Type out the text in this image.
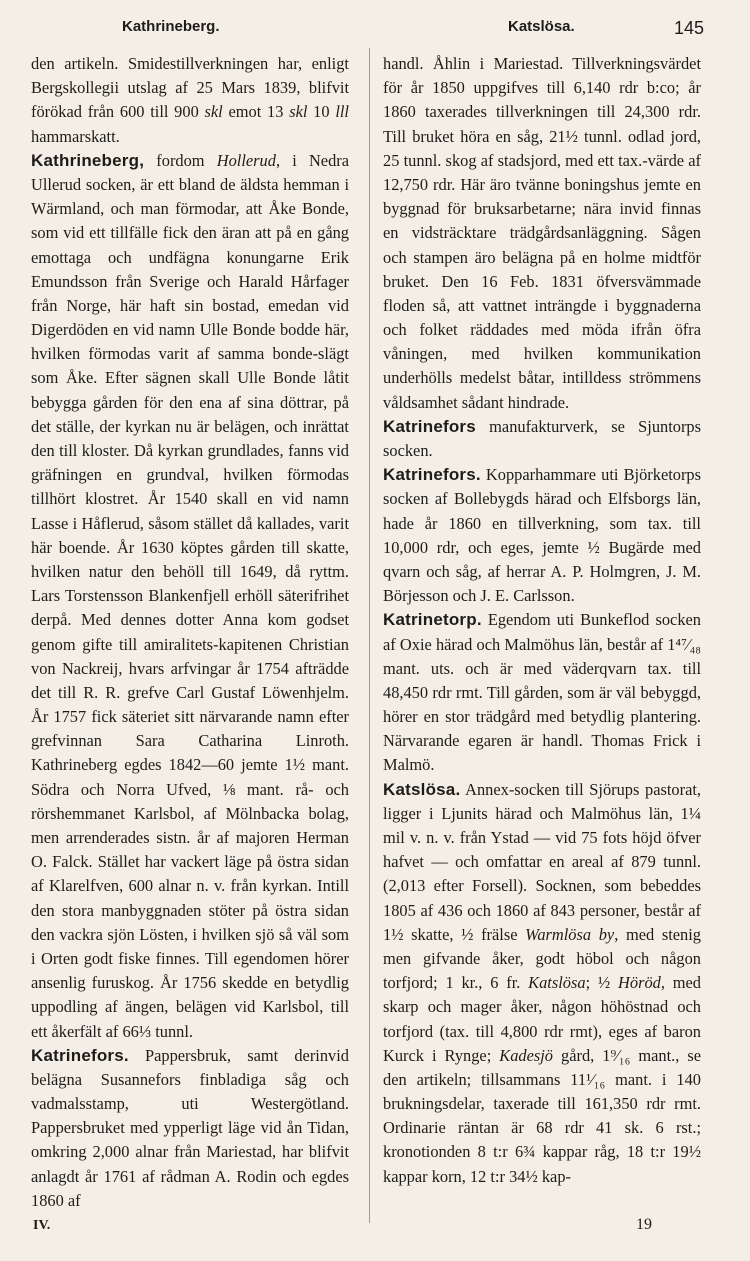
Kathrineberg.	Katslösa.	145

den artikeln. Smidestillverkningen har, enligt Bergskollegii utslag af 25 Mars 1839, blifvit förökad från 600 till 900 skl emot 13 skl 10 lll hammarskatt.

Kathrineberg, fordom Hollerud, i Nedra Ullerud socken, är ett bland de äldsta hemman i Wärmland, och man förmodar, att Åke Bonde, som vid ett tillfälle fick den äran att på en gång emottaga och undfägna konungarne Erik Emundsson från Sverige och Harald Hårfager från Norge, här haft sin bostad, emedan vid Digerdöden en vid namn Ulle Bonde bodde här, hvilken förmodas varit af samma bonde-slägt som Åke. Efter sägnen skall Ulle Bonde låtit bebygga gården för den ena af sina döttrar, på det ställe, der kyrkan nu är belägen, och inrättat den till kloster. Då kyrkan grundlades, fanns vid gräfningen en grundval, hvilken förmodas tillhört klostret. År 1540 skall en vid namn Lasse i Håflerud, såsom stället då kallades, varit här boende. År 1630 köptes gården till skatte, hvilken natur den behöll till 1649, då ryttm. Lars Torstensson Blankenfjell erhöll säterifrihet derpå. Med dennes dotter Anna kom godset genom gifte till amiralitets-kapitenen Christian von Nackreij, hvars arfvingar år 1754 afträdde det till R. R. grefve Carl Gustaf Löwenhjelm. År 1757 fick säteriet sitt närvarande namn efter grefvinnan Sara Catharina Linroth. Kathrineberg egdes 1842—60 jemte 1½ mant. Södra och Norra Ufved, ⅛ mant. rå- och rörshemmanet Karlsbol, af Mölnbacka bolag, men arrenderades sistn. år af majoren Herman O. Falck. Stället har vackert läge på östra sidan af Klarelfven, 600 alnar n. v. från kyrkan. Intill den stora manbyggnaden stöter på östra sidan den vackra sjön Lösten, i hvilken sjö så väl som i Orten godt fiske finnes. Till egendomen hörer ansenlig furuskog. År 1756 skedde en betydlig uppodling af ängen, belägen vid Karlsbol, till ett åkerfält af 66⅓ tunnl.

Katrinefors. Pappersbruk, samt derinvid belägna Susannefors finbladiga såg och vadmalsstamp, uti Westergötland. Pappersbruket med ypperligt läge vid ån Tidan, omkring 2,000 alnar från Mariestad, har blifvit anlagdt år 1761 af rådman A. Rodin och egdes 1860 af

handl. Åhlin i Mariestad. Tillverkningsvärdet för år 1850 uppgifves till 6,140 rdr b:co; år 1860 taxerades tillverkningen till 24,300 rdr. Till bruket höra en såg, 21½ tunnl. odlad jord, 25 tunnl. skog af stadsjord, med ett tax.-värde af 12,750 rdr. Här äro tvänne boningshus jemte en byggnad för bruksarbetarne; nära invid finnas en vidsträcktare trädgårdsanläggning. Sågen och stampen äro belägna på en holme midtför bruket. Den 16 Feb. 1831 öfversvämmade floden så, att vattnet inträngde i byggnaderna och folket räddades med möda ifrån öfra våningen, med hvilken kommunikation underhölls medelst båtar, intilldess strömmens våldsamhet sådant hindrade.

Katrinefors manufakturverk, se Sjuntorps socken.

Katrinefors. Kopparhammare uti Björketorps socken af Bollebygds härad och Elfsborgs län, hade år 1860 en tillverkning, som tax. till 10,000 rdr, och eges, jemte ½ Bugärde med qvarn och såg, af herrar A. P. Holmgren, J. M. Börjesson och J. E. Carlsson.

Katrinetorp. Egendom uti Bunkeflod socken af Oxie härad och Malmöhus län, består af 1⁴⁷⁄₄₈ mant. uts. och är med väderqvarn tax. till 48,450 rdr rmt. Till gården, som är väl bebyggd, hörer en stor trädgård med betydlig plantering. Närvarande egaren är handl. Thomas Frick i Malmö.

Katslösa. Annex-socken till Sjörups pastorat, ligger i Ljunits härad och Malmöhus län, 1¼ mil v. n. v. från Ystad — vid 75 fots höjd öfver hafvet — och omfattar en areal af 879 tunnl. (2,013 efter Forsell). Socknen, som bebeddes 1805 af 436 och 1860 af 843 personer, består af 1½ skatte, ½ frälse Warmlösa by, med stenig men gifvande åker, godt höbol och någon torfjord; 1 kr., 6 fr. Katslösa; ½ Höröd, med skarp och mager åker, någon höhöstnad och torfjord (tax. till 4,800 rdr rmt), eges af baron Kurck i Rynge; Kadesjö gård, 1⁹⁄₁₆ mant., se den artikeln; tillsammans 11¹⁄₁₆ mant. i 140 brukningsdelar, taxerade till 161,350 rdr rmt. Ordinarie räntan är 68 rdr 41 sk. 6 rst.; kronotionden 8 t:r 6¾ kappar råg, 18 t:r 19½ kappar korn, 12 t:r 34½ kap-

IV.	19
